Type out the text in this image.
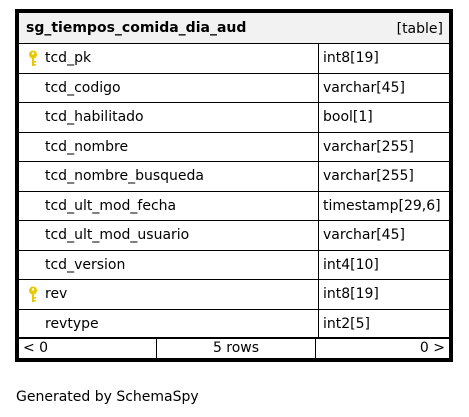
sg_tiempos_comida_dia_aud	[table]
tcd_pk	int8[19]
tcd_codigo	varchar[45]
tcd_habilitado	bool[1]
tcd_nombre	varchar[255]
tcd_nombre_busqueda	varchar[255]
tcd_ult_mod_fecha	timestamp[29,6]
tcd_ult_mod_usuario	varchar[45]
tcd_version	int4[10]
rev	int8[19]
revtype	int2[5]
< 0	5 rows	0 >
Generated by SchemaSpy
